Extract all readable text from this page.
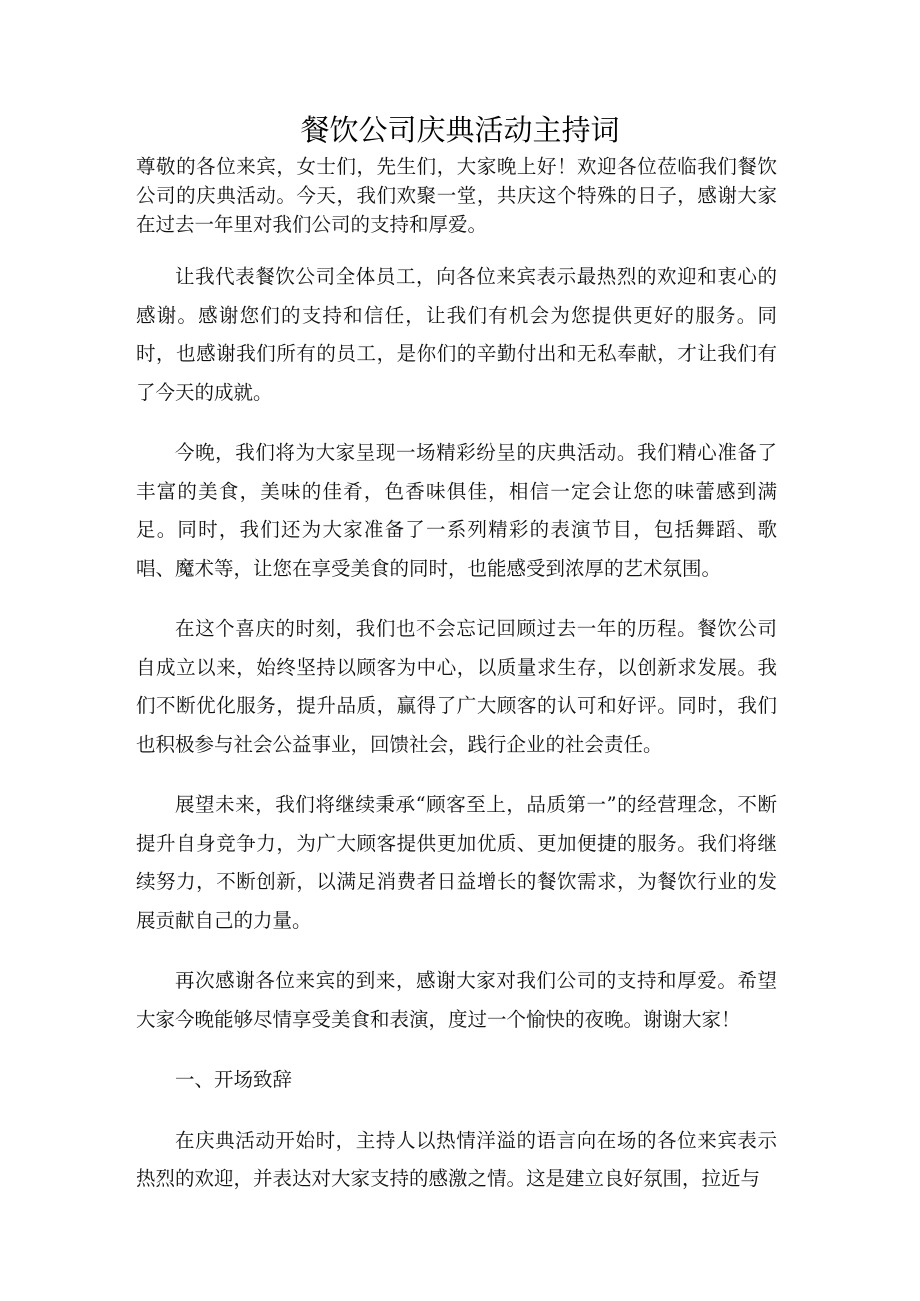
餐饮公司庆典活动主持词

尊敬的各位来宾，女士们，先生们，大家晚上好！欢迎各位莅临我们餐饮公司的庆典活动。今天，我们欢聚一堂，共庆这个特殊的日子，感谢大家在过去一年里对我们公司的支持和厚爱。

让我代表餐饮公司全体员工，向各位来宾表示最热烈的欢迎和衷心的感谢。感谢您们的支持和信任，让我们有机会为您提供更好的服务。同时，也感谢我们所有的员工，是你们的辛勤付出和无私奉献，才让我们有了今天的成就。

今晚，我们将为大家呈现一场精彩纷呈的庆典活动。我们精心准备了丰富的美食，美味的佳肴，色香味俱佳，相信一定会让您的味蕾感到满足。同时，我们还为大家准备了一系列精彩的表演节目，包括舞蹈、歌唱、魔术等，让您在享受美食的同时，也能感受到浓厚的艺术氛围。

在这个喜庆的时刻，我们也不会忘记回顾过去一年的历程。餐饮公司自成立以来，始终坚持以顾客为中心，以质量求生存，以创新求发展。我们不断优化服务，提升品质，赢得了广大顾客的认可和好评。同时，我们也积极参与社会公益事业，回馈社会，践行企业的社会责任。

展望未来，我们将继续秉承“顾客至上，品质第一”的经营理念，不断提升自身竞争力，为广大顾客提供更加优质、更加便捷的服务。我们将继续努力，不断创新，以满足消费者日益增长的餐饮需求，为餐饮行业的发展贡献自己的力量。

再次感谢各位来宾的到来，感谢大家对我们公司的支持和厚爱。希望大家今晚能够尽情享受美食和表演，度过一个愉快的夜晚。谢谢大家！

一、开场致辞

在庆典活动开始时，主持人以热情洋溢的语言向在场的各位来宾表示热烈的欢迎，并表达对大家支持的感激之情。这是建立良好氛围，拉近与
